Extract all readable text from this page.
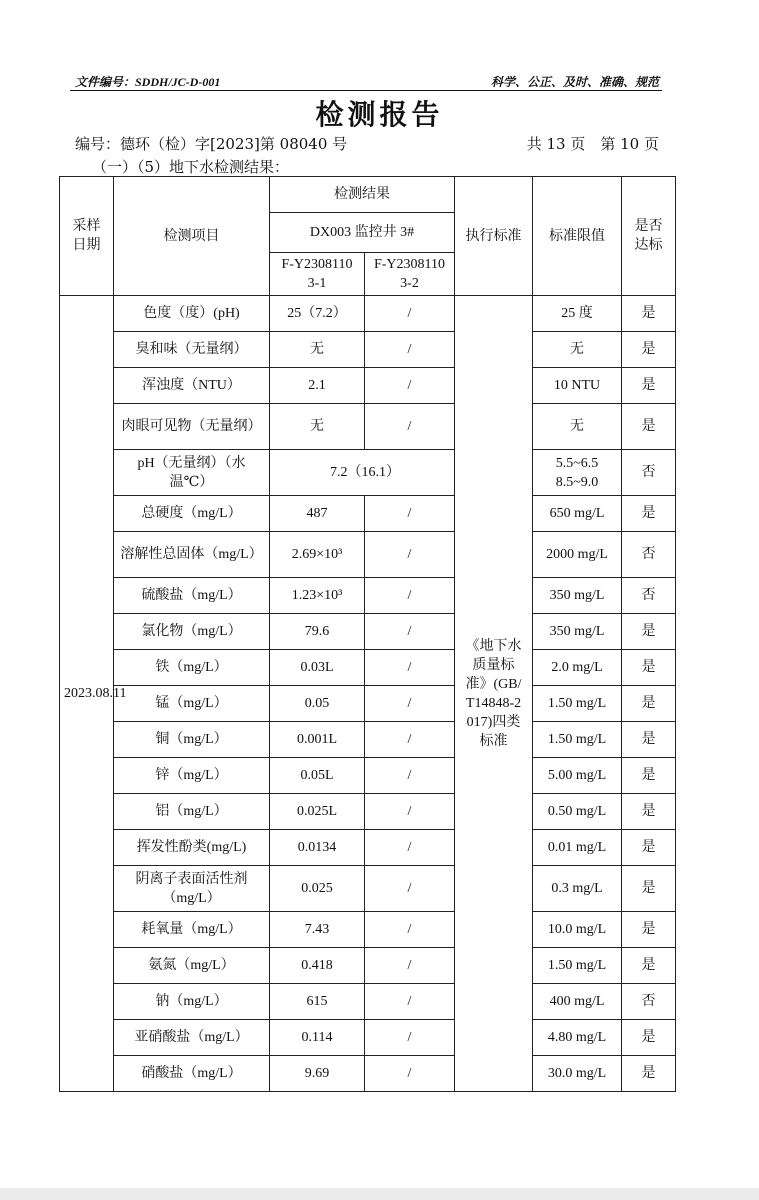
文件编号：SDDH/JC-D-001	科学、公正、及时、准确、规范
检测报告
编号：德环（检）字[2023]第 08040 号	共 13 页　第 10 页
（一）（5）地下水检测结果：
采样日期	检测项目	检测结果		执行标准	标准限值	是否达标
		DX003 监控井 3#				
		F-Y23081103-1	F-Y23081103-2			
2023.08.11	色度（度）(pH)	25（7.2）	/	《地下水质量标准》(GB/T14848-2017)四类标准	25 度	是
	臭和味（无量纲）	无	/		无	是
	浑浊度（NTU）	2.1	/		10 NTU	是
	肉眼可见物（无量纲）	无	/		无	是
	pH（无量纲）（水温℃）	7.2（16.1）			5.5~6.5 8.5~9.0	否
	总硬度（mg/L）	487	/		650 mg/L	是
	溶解性总固体（mg/L）	2.69×10³	/		2000 mg/L	否
	硫酸盐（mg/L）	1.23×10³	/		350 mg/L	否
	氯化物（mg/L）	79.6	/		350 mg/L	是
	铁（mg/L）	0.03L	/		2.0 mg/L	是
	锰（mg/L）	0.05	/		1.50 mg/L	是
	铜（mg/L）	0.001L	/		1.50 mg/L	是
	锌（mg/L）	0.05L	/		5.00 mg/L	是
	铝（mg/L）	0.025L	/		0.50 mg/L	是
	挥发性酚类(mg/L)	0.0134	/		0.01 mg/L	是
	阴离子表面活性剂（mg/L）	0.025	/		0.3 mg/L	是
	耗氧量（mg/L）	7.43	/		10.0 mg/L	是
	氨氮（mg/L）	0.418	/		1.50 mg/L	是
	钠（mg/L）	615	/		400 mg/L	否
	亚硝酸盐（mg/L）	0.114	/		4.80 mg/L	是
	硝酸盐（mg/L）	9.69	/		30.0 mg/L	是
